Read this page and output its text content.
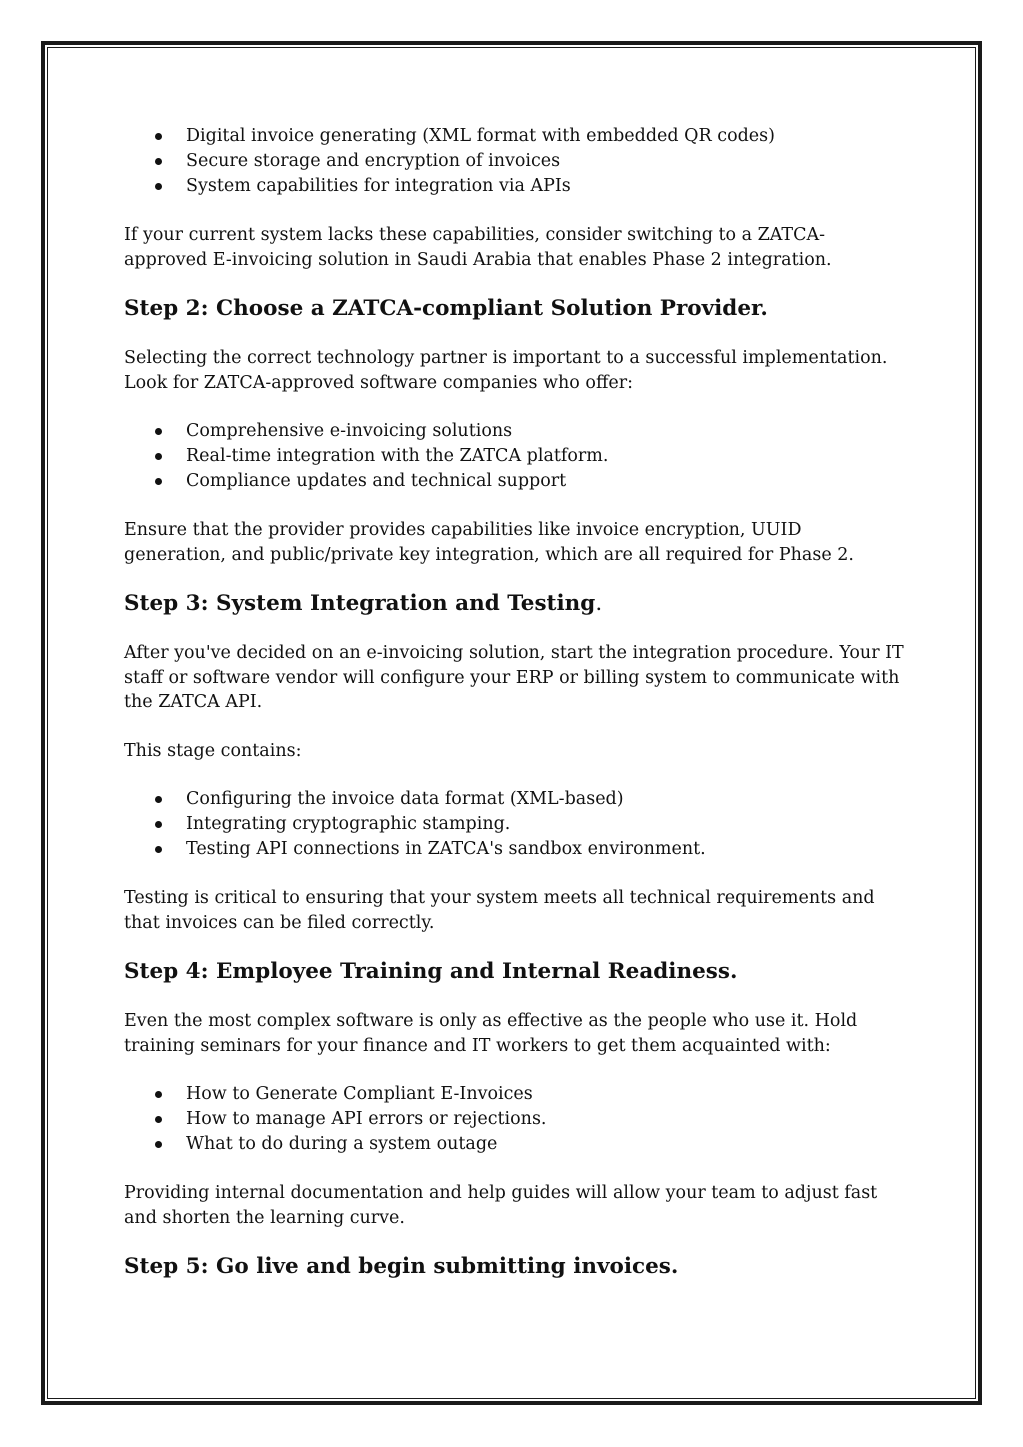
Digital invoice generating (XML format with embedded QR codes)
Secure storage and encryption of invoices
System capabilities for integration via APIs

If your current system lacks these capabilities, consider switching to a ZATCA-approved E-invoicing solution in Saudi Arabia that enables Phase 2 integration.

Step 2: Choose a ZATCA-compliant Solution Provider.

Selecting the correct technology partner is important to a successful implementation. Look for ZATCA-approved software companies who offer:

Comprehensive e-invoicing solutions
Real-time integration with the ZATCA platform.
Compliance updates and technical support

Ensure that the provider provides capabilities like invoice encryption, UUID generation, and public/private key integration, which are all required for Phase 2.

Step 3: System Integration and Testing.

After you've decided on an e-invoicing solution, start the integration procedure. Your IT staff or software vendor will configure your ERP or billing system to communicate with the ZATCA API.

This stage contains:

Configuring the invoice data format (XML-based)
Integrating cryptographic stamping.
Testing API connections in ZATCA's sandbox environment.

Testing is critical to ensuring that your system meets all technical requirements and that invoices can be filed correctly.

Step 4: Employee Training and Internal Readiness.

Even the most complex software is only as effective as the people who use it. Hold training seminars for your finance and IT workers to get them acquainted with:

How to Generate Compliant E-Invoices
How to manage API errors or rejections.
What to do during a system outage

Providing internal documentation and help guides will allow your team to adjust fast and shorten the learning curve.

Step 5: Go live and begin submitting invoices.
